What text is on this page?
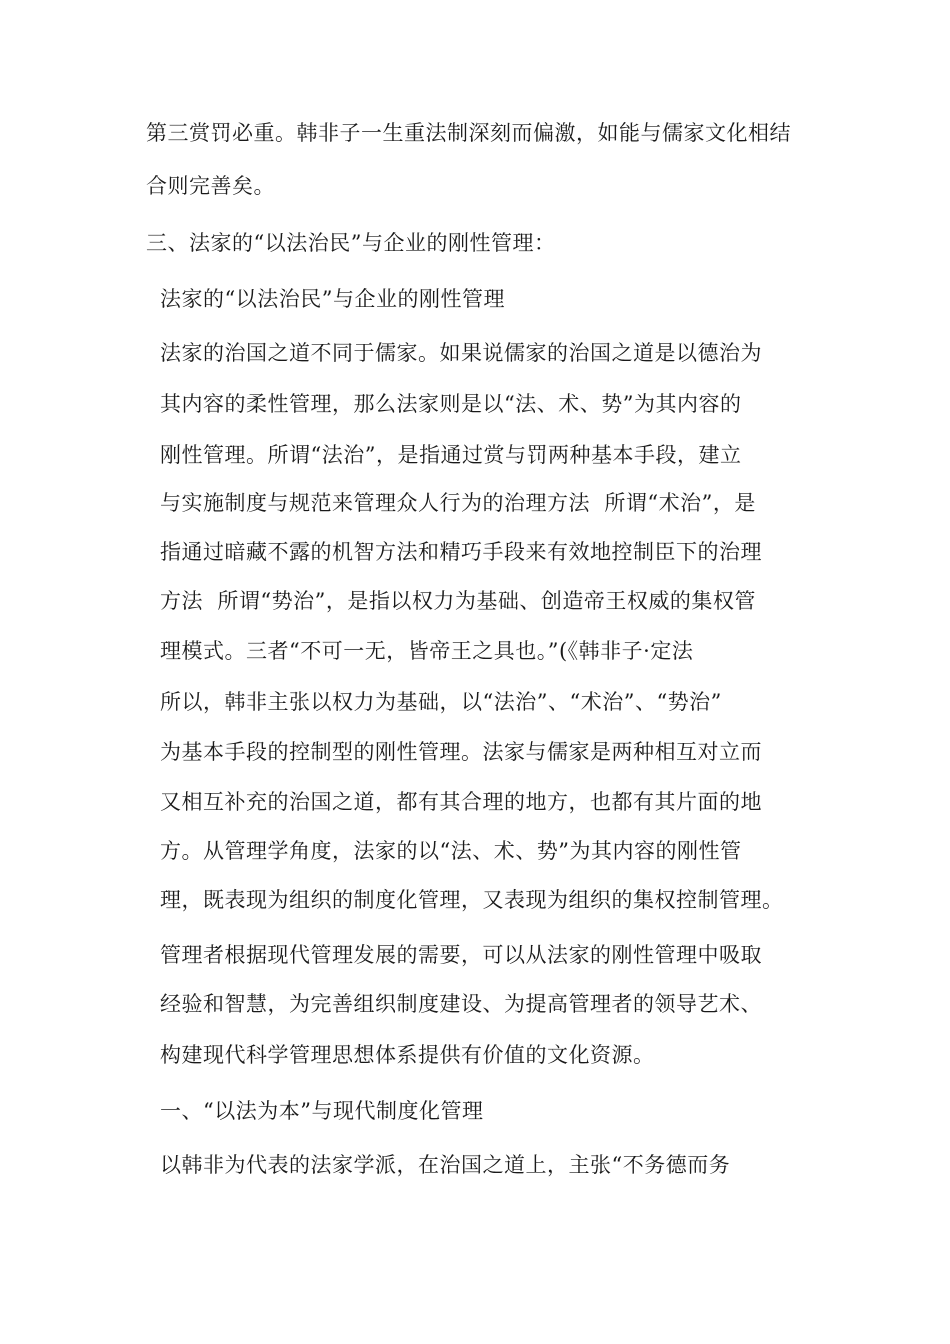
第三赏罚必重。韩非子一生重法制深刻而偏激，如能与儒家文化相结

合则完善矣。

三、法家的“以法治民”与企业的刚性管理：

法家的“以法治民”与企业的刚性管理

法家的治国之道不同于儒家。如果说儒家的治国之道是以德治为

其内容的柔性管理，那么法家则是以“法、术、势”为其内容的

刚性管理。所谓“法治”，是指通过赏与罚两种基本手段，建立

与实施制度与规范来管理众人行为的治理方法  所谓“术治”，是

指通过暗藏不露的机智方法和精巧手段来有效地控制臣下的治理

方法  所谓“势治”，是指以权力为基础、创造帝王权威的集权管

理模式。三者“不可一无，皆帝王之具也。”(《韩非子·定法

所以，韩非主张以权力为基础，以“法治”、“术治”、“势治”

为基本手段的控制型的刚性管理。法家与儒家是两种相互对立而

又相互补充的治国之道，都有其合理的地方，也都有其片面的地

方。从管理学角度，法家的以“法、术、势”为其内容的刚性管

理，既表现为组织的制度化管理，又表现为组织的集权控制管理。

管理者根据现代管理发展的需要，可以从法家的刚性管理中吸取

经验和智慧，为完善组织制度建设、为提高管理者的领导艺术、

构建现代科学管理思想体系提供有价值的文化资源。

一、“以法为本”与现代制度化管理

以韩非为代表的法家学派，在治国之道上，主张“不务德而务
